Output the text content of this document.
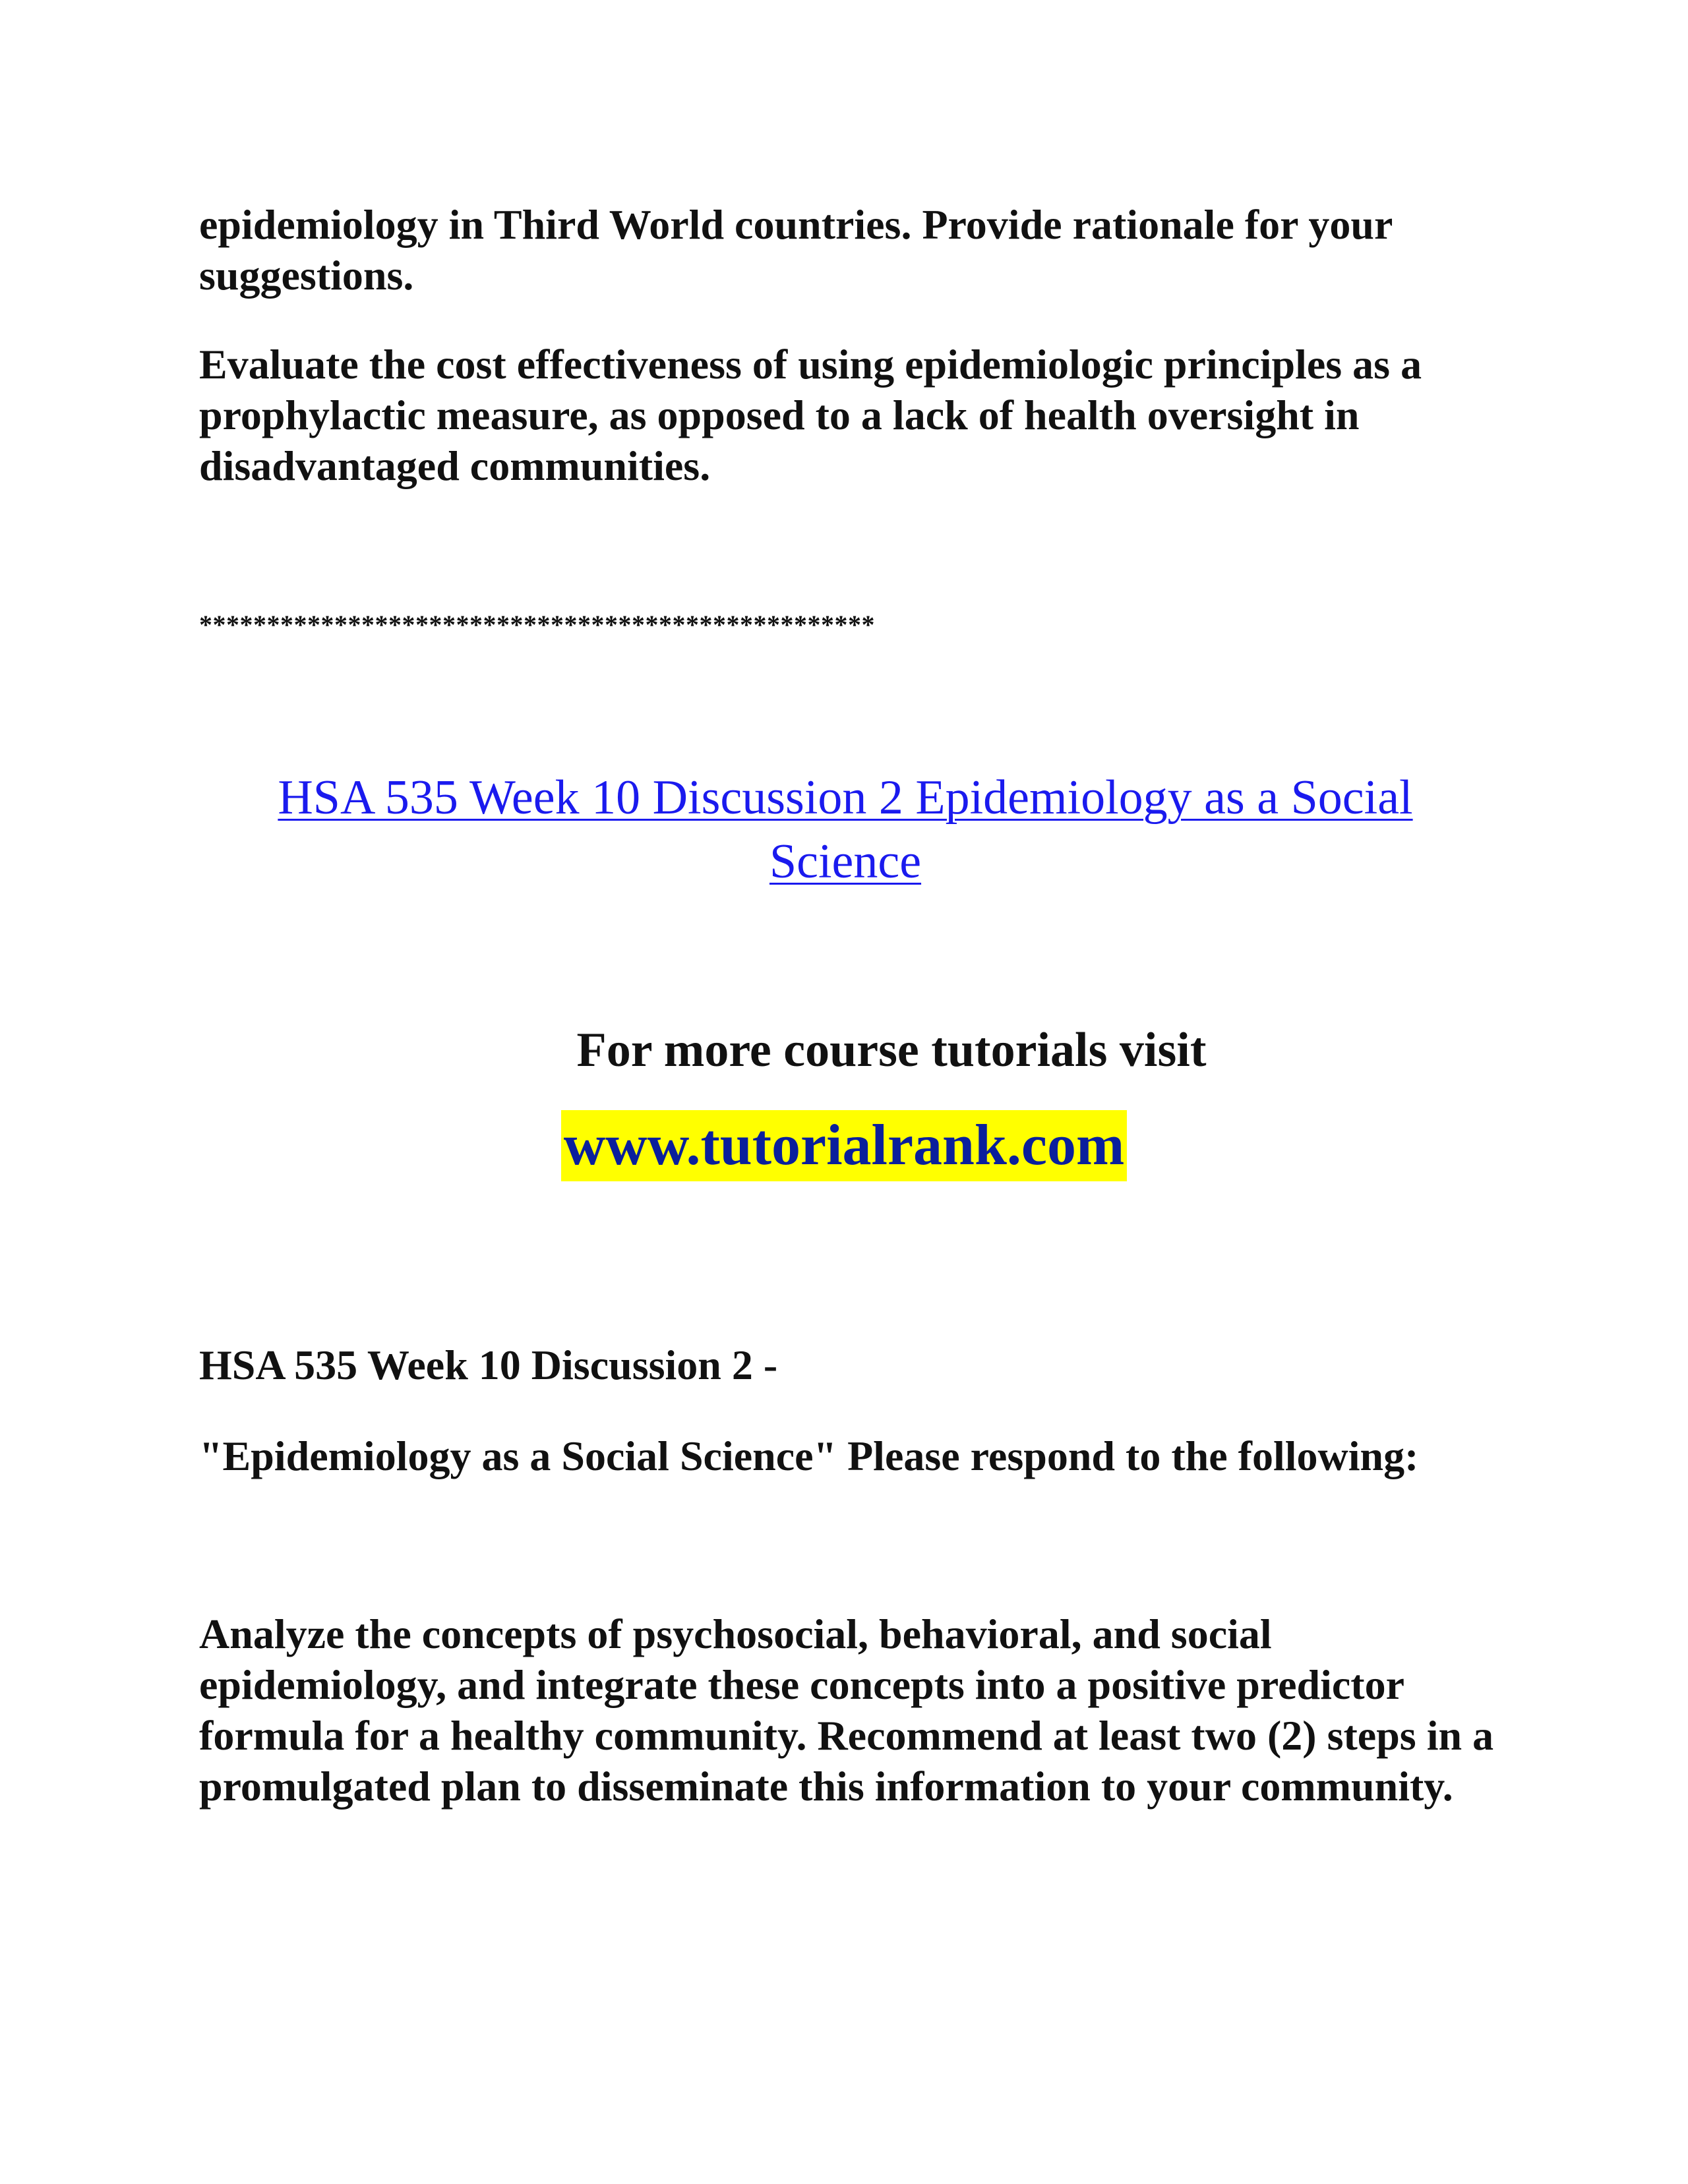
epidemiology in Third World countries. Provide rationale for your suggestions.

Evaluate the cost effectiveness of using epidemiologic principles as a prophylactic measure, as opposed to a lack of health oversight in disadvantaged communities.

**************************************************

HSA 535 Week 10 Discussion 2 Epidemiology as a Social Science

For more course tutorials visit

www.tutorialrank.com

HSA 535 Week 10 Discussion 2 -

"Epidemiology as a Social Science" Please respond to the following:

Analyze the concepts of psychosocial, behavioral, and social epidemiology, and integrate these concepts into a positive predictor formula for a healthy community. Recommend at least two (2) steps in a promulgated plan to disseminate this information to your community.
